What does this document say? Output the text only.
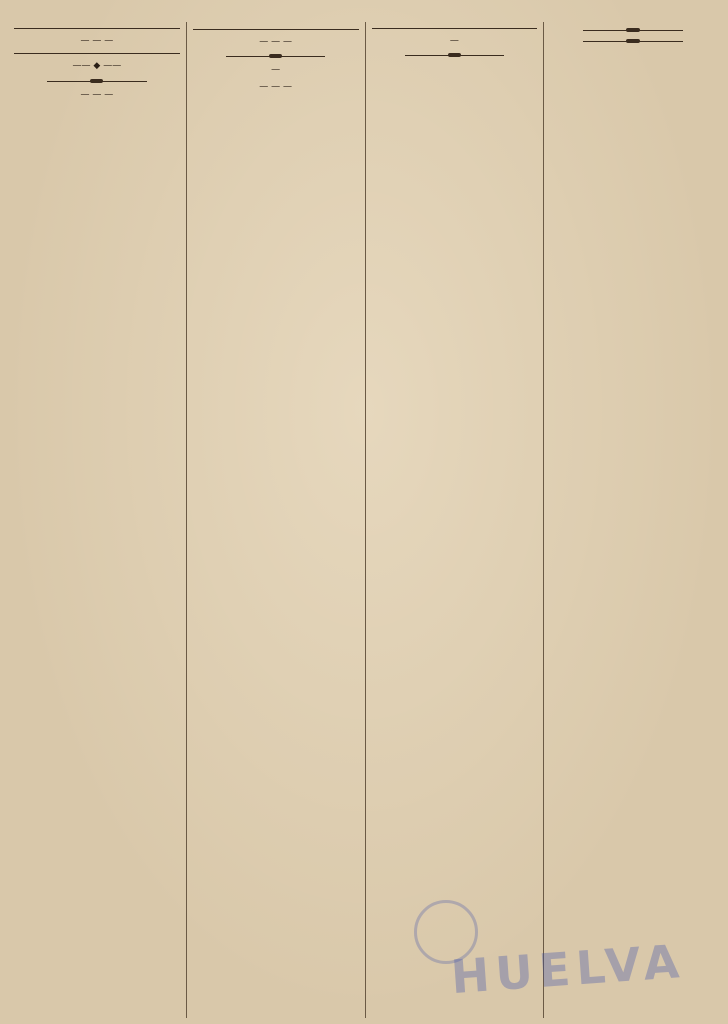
— — —

—— ◆ ——

— — —

— — —

—
— — —

—

HUELVA
